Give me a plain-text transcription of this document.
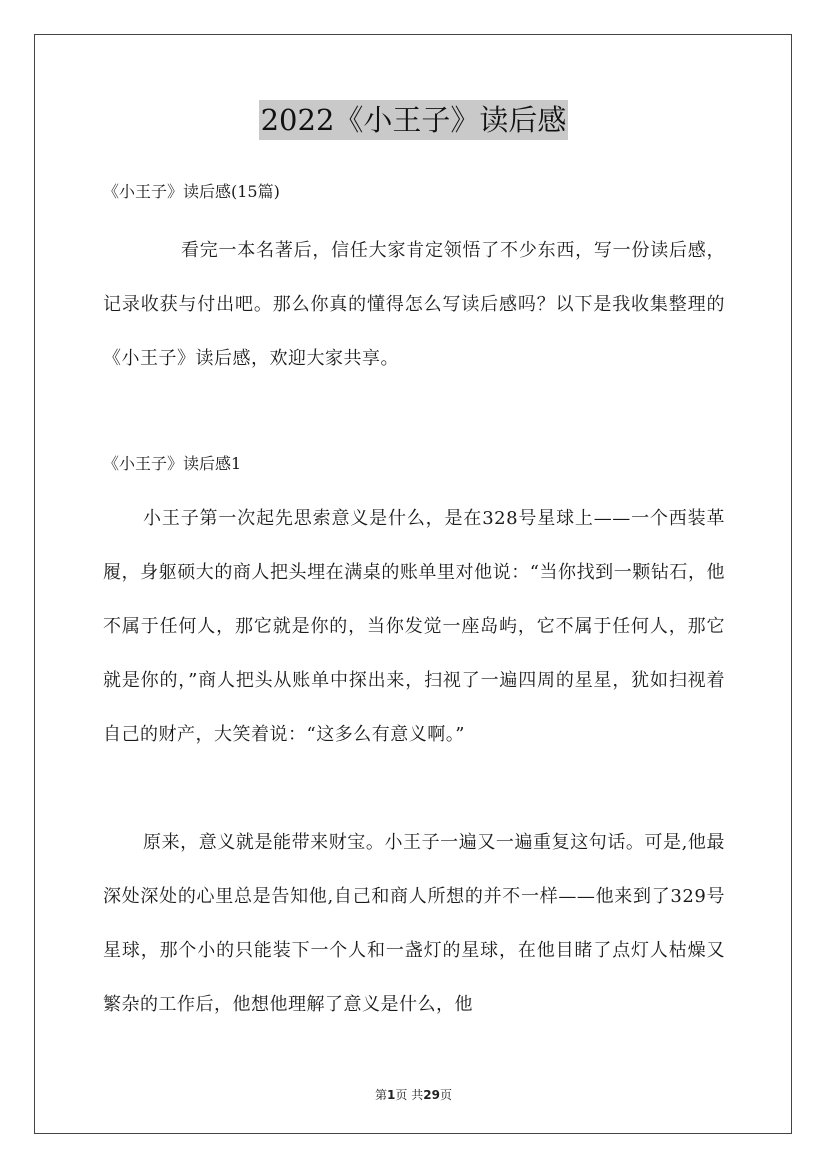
2022《小王子》读后感
《小王子》读后感(15篇)

看完一本名著后，信任大家肯定领悟了不少东西，写一份读后感，记录收获与付出吧。那么你真的懂得怎么写读后感吗？以下是我收集整理的《小王子》读后感，欢迎大家共享。

《小王子》读后感1

小王子第一次起先思索意义是什么，是在328号星球上——一个西装革履，身躯硕大的商人把头埋在满桌的账单里对他说：“当你找到一颗钻石，他不属于任何人，那它就是你的，当你发觉一座岛屿，它不属于任何人，那它就是你的，”商人把头从账单中探出来，扫视了一遍四周的星星，犹如扫视着自己的财产，大笑着说：“这多么有意义啊。”

原来，意义就是能带来财宝。小王子一遍又一遍重复这句话。可是,他最深处深处的心里总是告知他,自己和商人所想的并不一样——他来到了329号星球，那个小的只能装下一个人和一盏灯的星球，在他目睹了点灯人枯燥又繁杂的工作后，他想他理解了意义是什么，他

第1页 共29页
